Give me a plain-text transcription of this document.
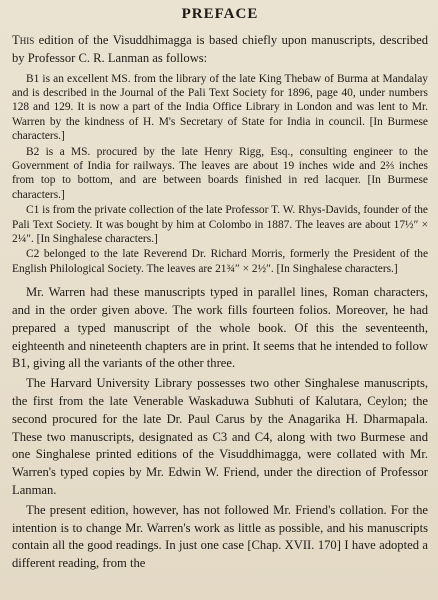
PREFACE

This edition of the Visuddhimagga is based chiefly upon manuscripts, described by Professor C. R. Lanman as follows:

B1 is an excellent MS. from the library of the late King Thebaw of Burma at Mandalay and is described in the Journal of the Pali Text Society for 1896, page 40, under numbers 128 and 129. It is now a part of the India Office Library in London and was lent to Mr. Warren by the kindness of H. M's Secretary of State for India in council. [In Burmese characters.]

B2 is a MS. procured by the late Henry Rigg, Esq., consulting engineer to the Government of India for railways. The leaves are about 19 inches wide and 2⅔ inches from top to bottom, and are between boards finished in red lacquer. [In Burmese characters.]

C1 is from the private collection of the late Professor T. W. Rhys-Davids, founder of the Pali Text Society. It was bought by him at Colombo in 1887. The leaves are about 17½″ × 2¼″. [In Singhalese characters.]

C2 belonged to the late Reverend Dr. Richard Morris, formerly the President of the English Philological Society. The leaves are 21¾″ × 2½″. [In Singhalese characters.]

Mr. Warren had these manuscripts typed in parallel lines, Roman characters, and in the order given above. The work fills fourteen folios. Moreover, he had prepared a typed manuscript of the whole book. Of this the seventeenth, eighteenth and nineteenth chapters are in print. It seems that he intended to follow B1, giving all the variants of the other three.

The Harvard University Library possesses two other Singhalese manuscripts, the first from the late Venerable Waskaduwa Subhuti of Kalutara, Ceylon; the second procured for the late Dr. Paul Carus by the Anagarika H. Dharmapala. These two manuscripts, designated as C3 and C4, along with two Burmese and one Singhalese printed editions of the Visuddhimagga, were collated with Mr. Warren's typed copies by Mr. Edwin W. Friend, under the direction of Professor Lanman.

The present edition, however, has not followed Mr. Friend's collation. For the intention is to change Mr. Warren's work as little as possible, and his manuscripts contain all the good readings. In just one case [Chap. XVII. 170] I have adopted a different reading, from the
